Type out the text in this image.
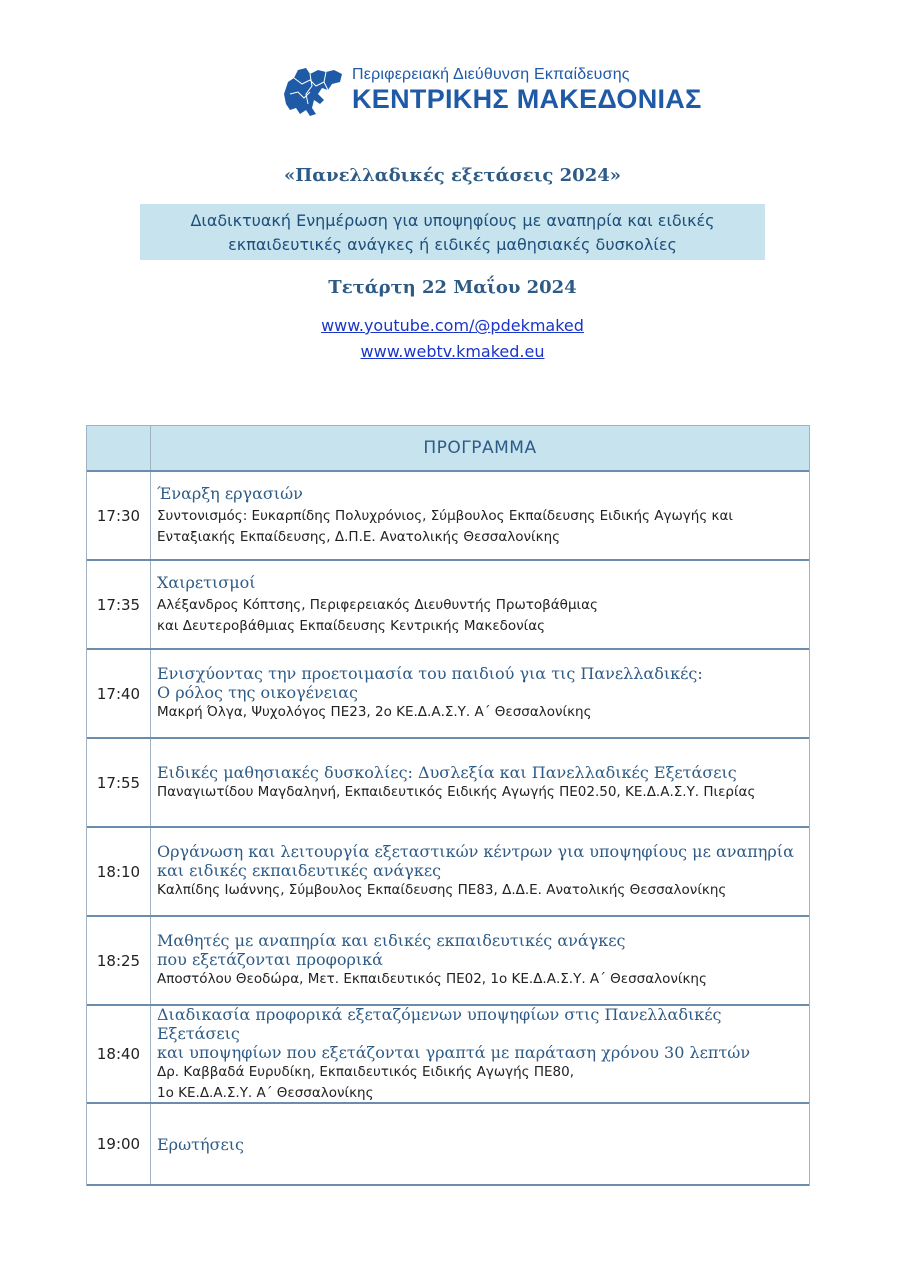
Περιφερειακή Διεύθυνση Εκπαίδευσης
ΚΕΝΤΡΙΚΗΣ ΜΑΚΕΔΟΝΙΑΣ
«Πανελλαδικές εξετάσεις 2024»
Διαδικτυακή Ενημέρωση για υποψηφίους με αναπηρία και ειδικές
εκπαιδευτικές ανάγκες ή ειδικές μαθησιακές δυσκολίες
Τετάρτη 22 Μαΐου 2024
www.youtube.com/@pdekmaked
www.webtv.kmaked.eu
ΠΡΟΓΡΑΜΜΑ
17:30
Έναρξη εργασιών
Συντονισμός: Ευκαρπίδης Πολυχρόνιος, Σύμβουλος Εκπαίδευσης Ειδικής Αγωγής και
Ενταξιακής Εκπαίδευσης, Δ.Π.Ε. Ανατολικής Θεσσαλονίκης
17:35
Χαιρετισμοί
Αλέξανδρος Κόπτσης, Περιφερειακός Διευθυντής Πρωτοβάθμιας
και Δευτεροβάθμιας Εκπαίδευσης Κεντρικής Μακεδονίας
17:40
Ενισχύοντας την προετοιμασία του παιδιού για τις Πανελλαδικές:
Ο ρόλος της οικογένειας
Μακρή Όλγα, Ψυχολόγος ΠΕ23, 2ο ΚΕ.Δ.Α.Σ.Υ. Α΄ Θεσσαλονίκης
17:55
Ειδικές μαθησιακές δυσκολίες: Δυσλεξία και Πανελλαδικές Εξετάσεις
Παναγιωτίδου Μαγδαληνή, Εκπαιδευτικός Ειδικής Αγωγής ΠΕ02.50, ΚΕ.Δ.Α.Σ.Υ. Πιερίας
18:10
Οργάνωση και λειτουργία εξεταστικών κέντρων για υποψηφίους με αναπηρία
και ειδικές εκπαιδευτικές ανάγκες
Καλπίδης Ιωάννης, Σύμβουλος Εκπαίδευσης ΠΕ83, Δ.Δ.Ε. Ανατολικής Θεσσαλονίκης
18:25
Μαθητές με αναπηρία και ειδικές εκπαιδευτικές ανάγκες
που εξετάζονται προφορικά
Αποστόλου Θεοδώρα, Μετ. Εκπαιδευτικός ΠΕ02, 1ο ΚΕ.Δ.Α.Σ.Υ. Α΄ Θεσσαλονίκης
18:40
Διαδικασία προφορικά εξεταζόμενων υποψηφίων στις Πανελλαδικές Εξετάσεις
και υποψηφίων που εξετάζονται γραπτά με παράταση χρόνου 30 λεπτών
Δρ. Καββαδά Ευρυδίκη, Εκπαιδευτικός Ειδικής Αγωγής ΠΕ80,
1ο ΚΕ.Δ.Α.Σ.Υ. Α΄ Θεσσαλονίκης
19:00	Ερωτήσεις
